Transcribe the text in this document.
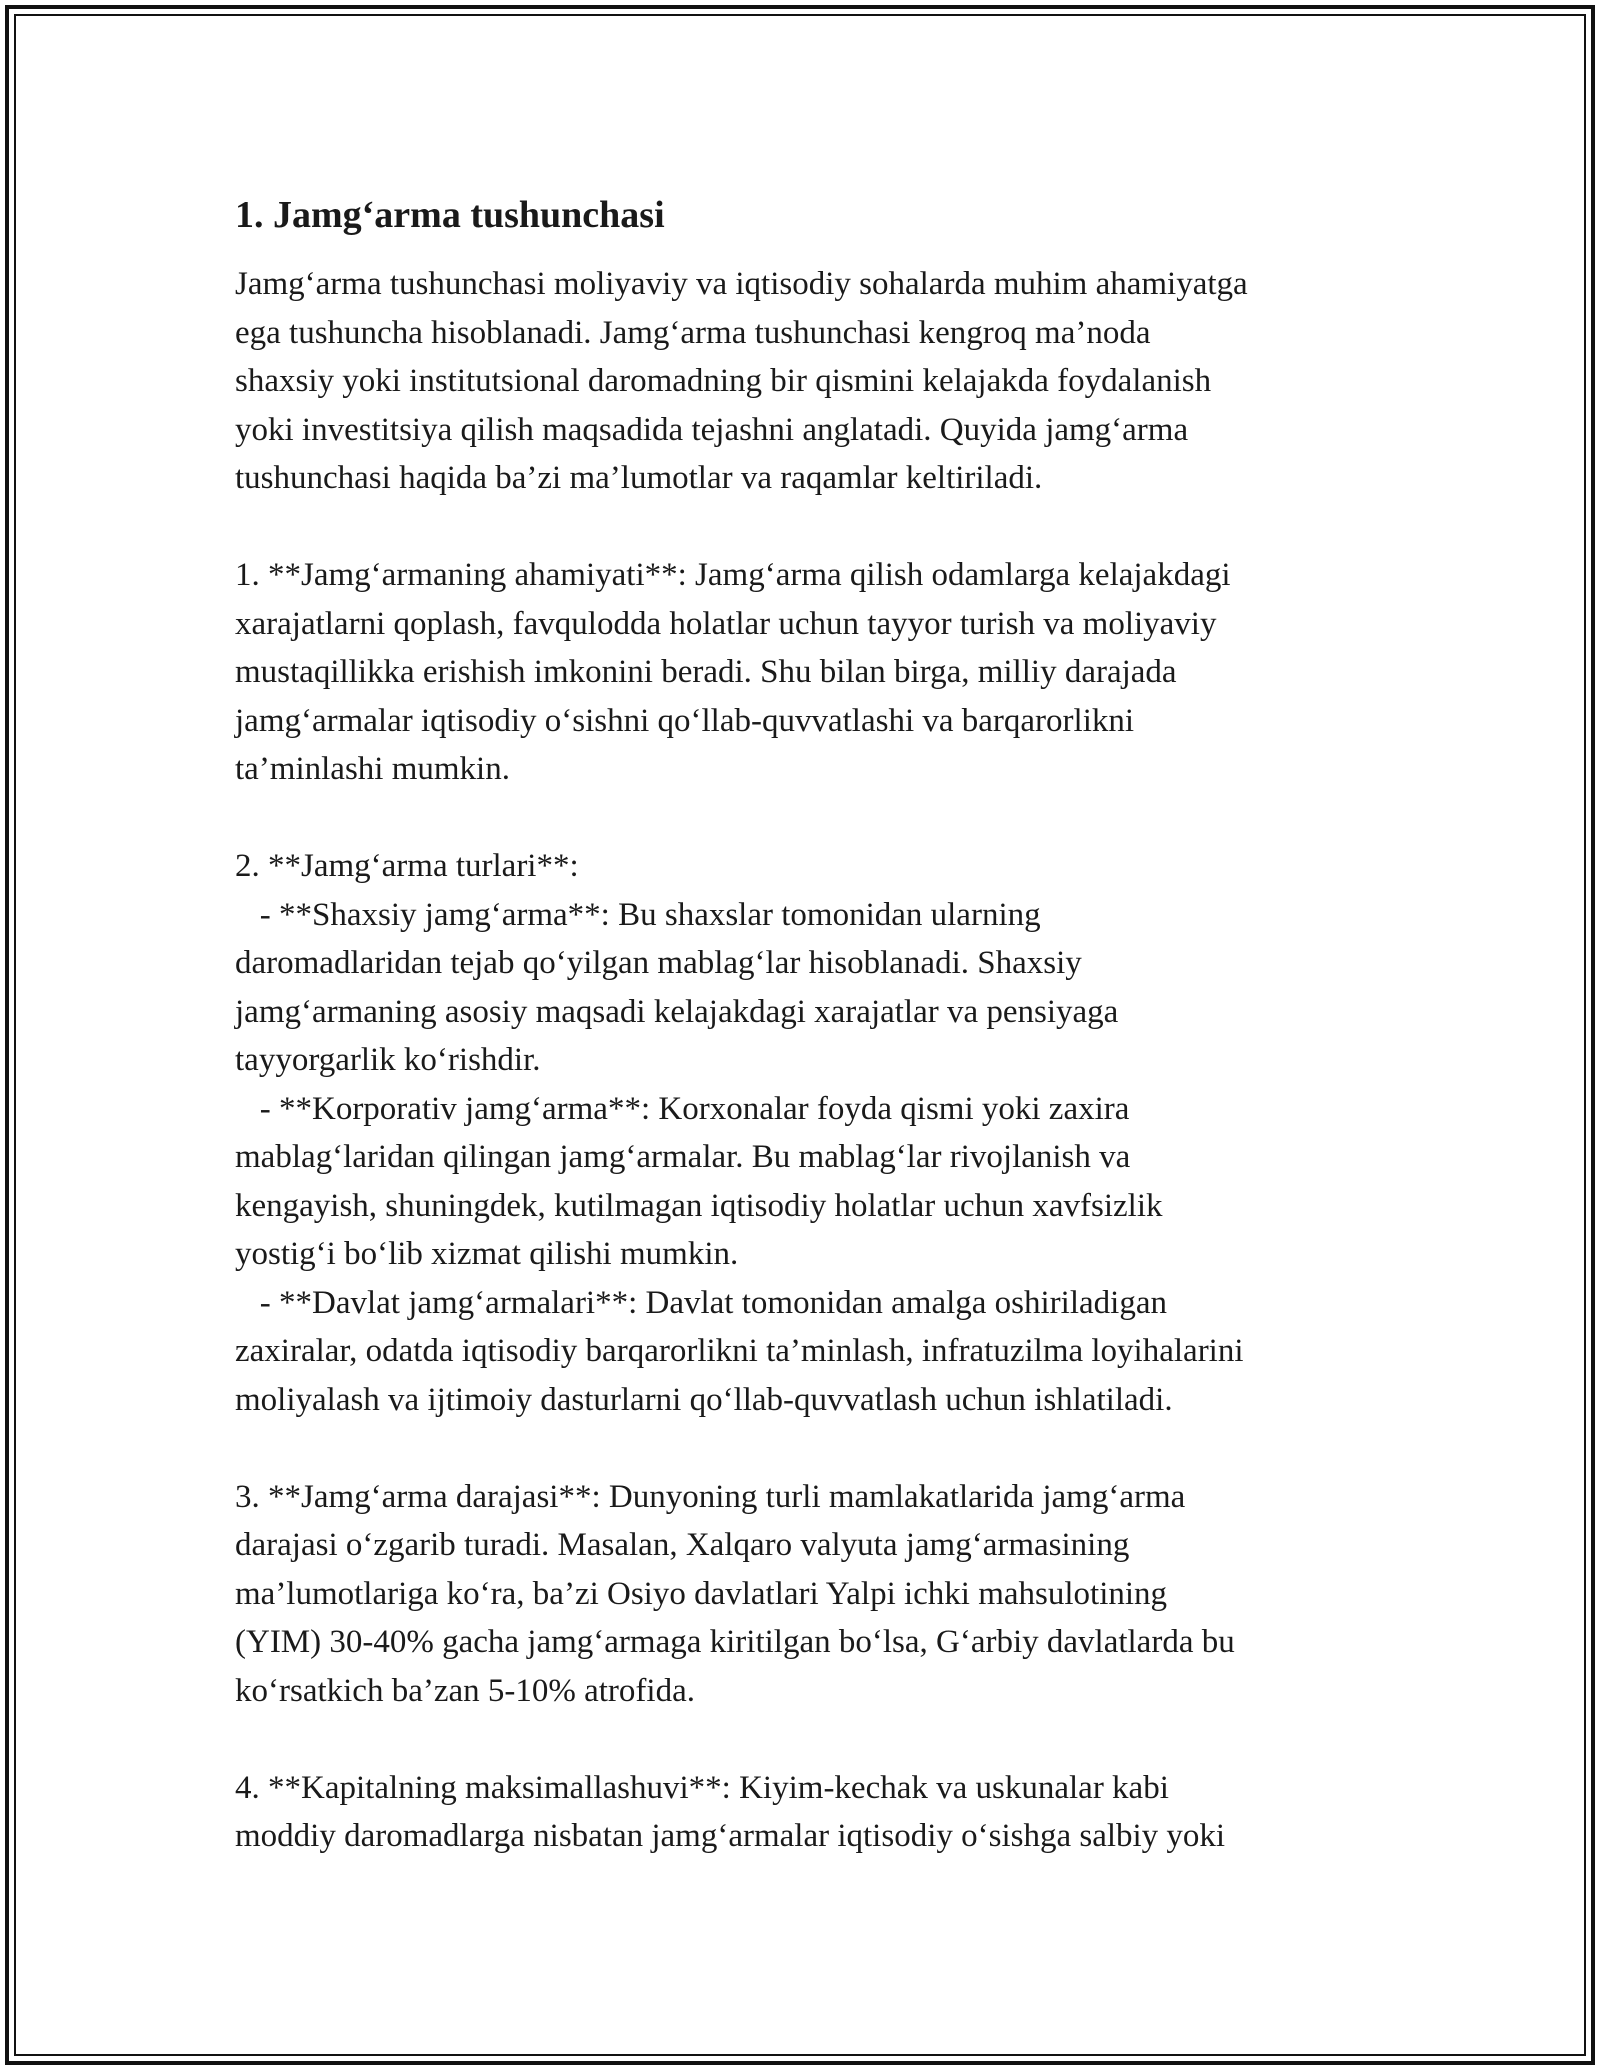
1. Jamg‘arma tushunchasi

Jamg‘arma tushunchasi moliyaviy va iqtisodiy sohalarda muhim ahamiyatga

ega tushuncha hisoblanadi. Jamg‘arma tushunchasi kengroq ma’noda

shaxsiy yoki institutsional daromadning bir qismini kelajakda foydalanish

yoki investitsiya qilish maqsadida tejashni anglatadi. Quyida jamg‘arma

tushunchasi haqida ba’zi ma’lumotlar va raqamlar keltiriladi.

1. **Jamg‘armaning ahamiyati**: Jamg‘arma qilish odamlarga kelajakdagi

xarajatlarni qoplash, favqulodda holatlar uchun tayyor turish va moliyaviy

mustaqillikka erishish imkonini beradi. Shu bilan birga, milliy darajada

jamg‘armalar iqtisodiy o‘sishni qo‘llab-quvvatlashi va barqarorlikni

ta’minlashi mumkin.

2. **Jamg‘arma turlari**:

- **Shaxsiy jamg‘arma**: Bu shaxslar tomonidan ularning

daromadlaridan tejab qo‘yilgan mablag‘lar hisoblanadi. Shaxsiy

jamg‘armaning asosiy maqsadi kelajakdagi xarajatlar va pensiyaga

tayyorgarlik ko‘rishdir.

- **Korporativ jamg‘arma**: Korxonalar foyda qismi yoki zaxira

mablag‘laridan qilingan jamg‘armalar. Bu mablag‘lar rivojlanish va

kengayish, shuningdek, kutilmagan iqtisodiy holatlar uchun xavfsizlik

yostig‘i bo‘lib xizmat qilishi mumkin.

- **Davlat jamg‘armalari**: Davlat tomonidan amalga oshiriladigan

zaxiralar, odatda iqtisodiy barqarorlikni ta’minlash, infratuzilma loyihalarini

moliyalash va ijtimoiy dasturlarni qo‘llab-quvvatlash uchun ishlatiladi.

3. **Jamg‘arma darajasi**: Dunyoning turli mamlakatlarida jamg‘arma

darajasi o‘zgarib turadi. Masalan, Xalqaro valyuta jamg‘armasining

ma’lumotlariga ko‘ra, ba’zi Osiyo davlatlari Yalpi ichki mahsulotining

(YIM) 30-40% gacha jamg‘armaga kiritilgan bo‘lsa, G‘arbiy davlatlarda bu

ko‘rsatkich ba’zan 5-10% atrofida.

4. **Kapitalning maksimallashuvi**: Kiyim-kechak va uskunalar kabi

moddiy daromadlarga nisbatan jamg‘armalar iqtisodiy o‘sishga salbiy yoki
